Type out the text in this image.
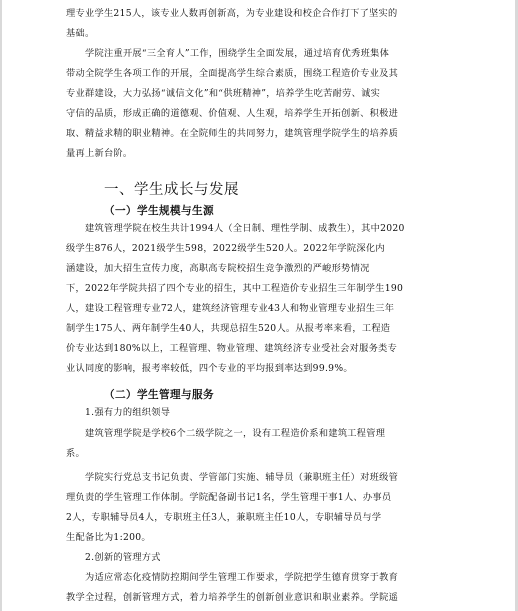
理专业学生215人，该专业人数再创新高，为专业建设和校企合作打下了坚实的
基础。
学院注重开展“三全育人”工作，围绕学生全面发展，通过培育优秀班集体
带动全院学生各项工作的开展，全面提高学生综合素质，围绕工程造价专业及其
专业群建设，大力弘扬“诚信文化”和“供班精神”，培养学生吃苦耐劳、诚实
守信的品质，形成正确的道德观、价值观、人生观，培养学生开拓创新、积极进
取、精益求精的职业精神。在全院师生的共同努力，建筑管理学院学生的培养质
量再上新台阶。
一、学生成长与发展
（一）学生规模与生源
建筑管理学院在校生共计1994人（全日制、理性学制、成教生），其中2020
级学生876人，2021级学生598，2022级学生520人。2022年学院深化内
涵建设，加大招生宣传力度，高职高专院校招生竞争激烈的严峻形势情况
下，2022年学院共招了四个专业的招生，其中工程造价专业招生三年制学生190
人，建设工程管理专业72人，建筑经济管理专业43人和物业管理专业招生三年
制学生175人、两年制学生40人，共现总招生520人。从报考率来看，工程造
价专业达到180%以上，工程管理、物业管理、建筑经济专业受社会对服务类专
业认同度的影响，报考率较低，四个专业的平均报到率达到99.9%。
（二）学生管理与服务
1.强有力的组织领导
建筑管理学院是学校6个二级学院之一，设有工程造价系和建筑工程管理
系。
学院实行党总支书记负责、学管部门实施、辅导员（兼职班主任）对班级管
理负责的学生管理工作体制。学院配备副书记1名，学生管理干事1人、办事员
2人，专职辅导员4人，专职班主任3人，兼职班主任10人，专职辅导员与学
生配备比为1:200。
2.创新的管理方式
为适应常态化疫情防控期间学生管理工作要求，学院把学生德育贯穿于教育
教学全过程，创新管理方式，着力培养学生的创新创业意识和职业素养。学院遥
